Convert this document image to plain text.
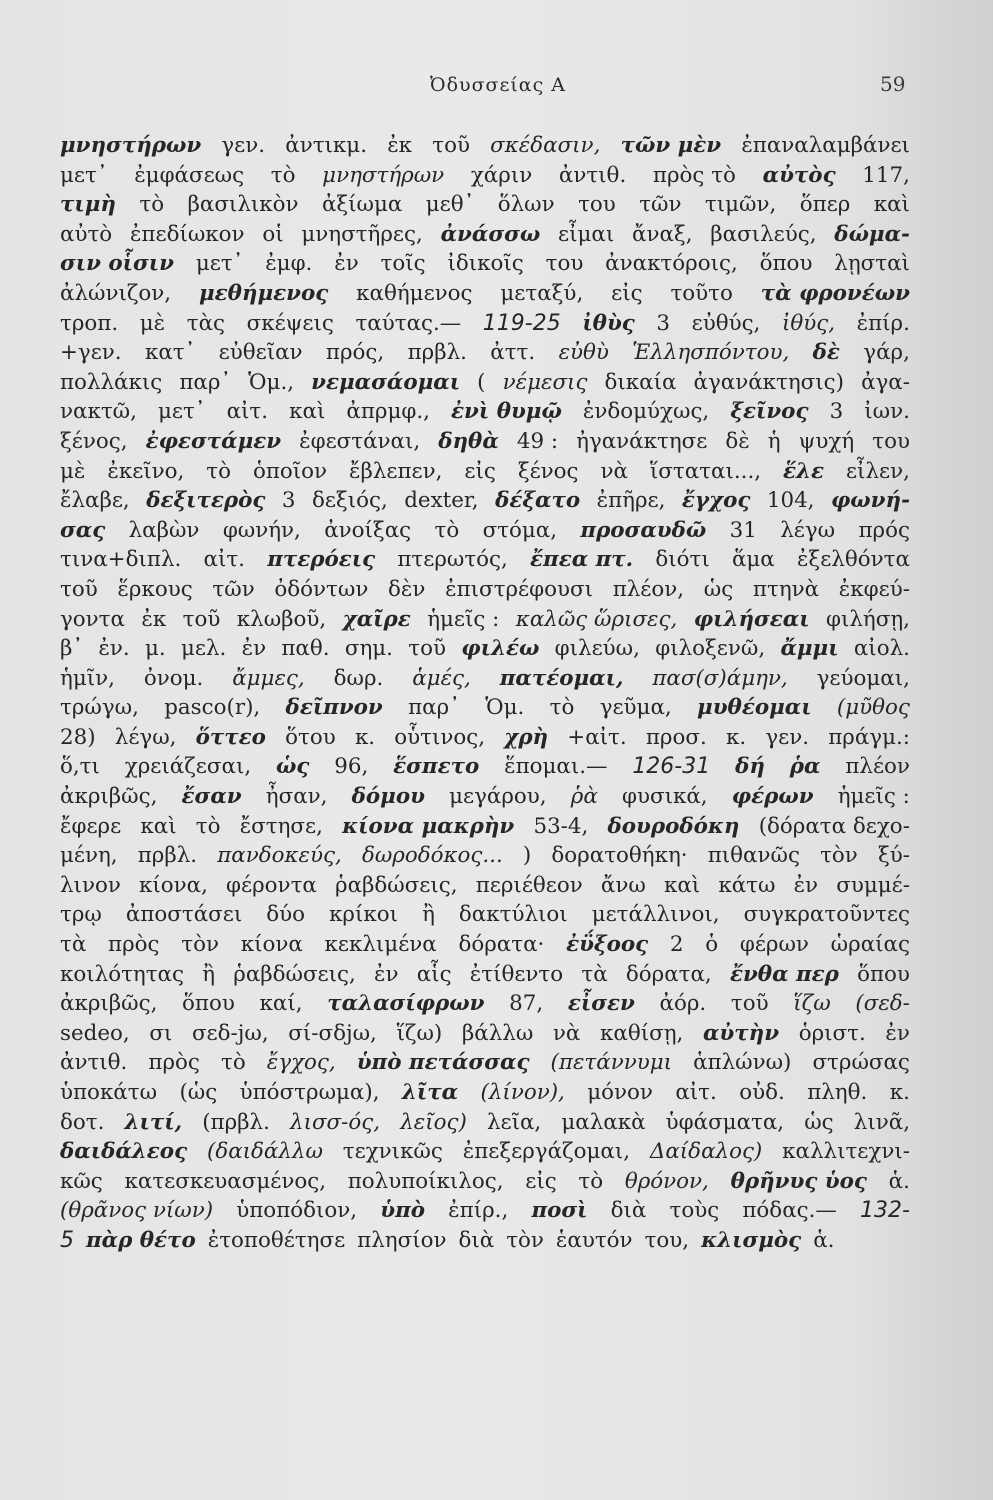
Ὀδυσσείας Α	59
μνηστήρων γεν. ἀντικμ. ἐκ τοῦ σκέδασιν, τῶν μὲν ἐπαναλαμβάνει
μετ᾽ ἐμφάσεως τὸ μνηστήρων χάριν ἀντιθ. πρὸς τὸ αὐτὸς 117,
τιμὴ τὸ βασιλικὸν ἀξίωμα μεθ᾽ ὅλων του τῶν τιμῶν, ὅπερ καὶ
αὐτὸ ἐπεδίωκον οἱ μνηστῆρες, ἀνάσσω εἶμαι ἄναξ, βασιλεύς, δώμα-
σιν οἷσιν μετ᾽ ἐμφ. ἐν τοῖς ἰδικοῖς του ἀνακτόροις, ὅπου λῃσταὶ
ἀλώνιζον, μεθήμενος καθήμενος μεταξύ, εἰς τοῦτο τὰ φρονέων
τροπ. μὲ τὰς σκέψεις ταύτας.— 119-25 ἰθὺς 3 εὐθύς, ἰθύς, ἐπίρ.
+γεν. κατ᾽ εὐθεῖαν πρός, πρβλ. ἀττ. εὐθὺ Ἑλλησπόντου, δὲ γάρ,
πολλάκις παρ᾽ Ὁμ., νεμασάομαι ( νέμεσις δικαία ἀγανάκτησις) ἀγα-
νακτῶ, μετ᾽ αἰτ. καὶ ἀπρμφ., ἐνὶ θυμῷ ἐνδομύχως, ξεῖνος 3 ἰων.
ξένος, ἐφεστάμεν ἐφεστάναι, δηθὰ 49 : ἠγανάκτησε δὲ ἡ ψυχή του
μὲ ἐκεῖνο, τὸ ὁποῖον ἔβλεπεν, εἰς ξένος νὰ ἵσταται..., ἕλε εἶλεν,
ἔλαβε, δεξιτερὸς 3 δεξιός, dexter, δέξατο ἐπῆρε, ἔγχος 104, φωνή-
σας λαβὼν φωνήν, ἀνοίξας τὸ στόμα, προσαυδῶ 31 λέγω πρός
τινα+διπλ. αἰτ. πτερόεις πτερωτός, ἔπεα πτ. διότι ἅμα ἐξελθόντα
τοῦ ἕρκους τῶν ὀδόντων δὲν ἐπιστρέφουσι πλέον, ὡς πτηνὰ ἐκφεύ-
γοντα ἐκ τοῦ κλωβοῦ, χαῖρε ἡμεῖς : καλῶς ὥρισες, φιλήσεαι φιλήσῃ,
β᾽ ἐν. μ. μελ. ἐν παθ. σημ. τοῦ φιλέω φιλεύω, φιλοξενῶ, ἄμμι αἰολ.
ἡμῖν, ὀνομ. ἄμμες, δωρ. ἁμές, πατέομαι, πασ(σ)άμην, γεύομαι,
τρώγω, pasco(r), δεῖπνον παρ᾽ Ὁμ. τὸ γεῦμα, μυθέομαι (μῦθος
28) λέγω, ὅττεο ὅτου κ. οὗτινος, χρὴ +αἰτ. προσ. κ. γεν. πράγμ.:
ὅ,τι χρειάζεσαι, ὡς 96, ἕσπετο ἕπομαι.— 126-31 δή ῥα πλέον
ἀκριβῶς, ἔσαν ἦσαν, δόμου μεγάρου, ῥὰ φυσικά, φέρων ἡμεῖς :
ἔφερε καὶ τὸ ἔστησε, κίονα μακρὴν 53-4, δουροδόκη (δόρατα δεχο-
μένη, πρβλ. πανδοκεύς, δωροδόκος... ) δορατοθήκη· πιθανῶς τὸν ξύ-
λινον κίονα, φέροντα ῥαβδώσεις, περιέθεον ἄνω καὶ κάτω ἐν συμμέ-
τρῳ ἀποστάσει δύο κρίκοι ἢ δακτύλιοι μετάλλινοι, συγκρατοῦντες
τὰ πρὸς τὸν κίονα κεκλιμένα δόρατα· ἐΰξοος 2 ὁ φέρων ὡραίας
κοιλότητας ἢ ῥαβδώσεις, ἐν αἷς ἐτίθεντο τὰ δόρατα, ἔνθα περ ὅπου
ἀκριβῶς, ὅπου καί, ταλασίφρων 87, εἶσεν ἀόρ. τοῦ ἵζω (σεδ-
sedeo, σι σεδ-jω, σί-σδjω, ἵζω) βάλλω νὰ καθίσῃ, αὐτὴν ὁριστ. ἐν
ἀντιθ. πρὸς τὸ ἔγχος, ὑπὸ πετάσσας (πετάννυμι ἁπλώνω) στρώσας
ὑποκάτω (ὡς ὑπόστρωμα), λῖτα (λίνον), μόνον αἰτ. οὐδ. πληθ. κ.
δοτ. λιτί, (πρβλ. λισσ-ός, λεῖος) λεῖα, μαλακὰ ὑφάσματα, ὡς λινᾶ,
δαιδάλεος (δαιδάλλω τεχνικῶς ἐπεξεργάζομαι, Δαίδαλος) καλλιτεχνι-
κῶς κατεσκευασμένος, πολυποίκιλος, εἰς τὸ θρόνον, θρῆνυς ὑος ἁ.
(θρᾶνος νίων) ὑποπόδιον, ὑπὸ ἐπίρ., ποσὶ διὰ τοὺς πόδας.— 132-
5 πὰρ θέτο ἐτοποθέτησε πλησίον διὰ τὸν ἑαυτόν του, κλισμὸς ἁ.
